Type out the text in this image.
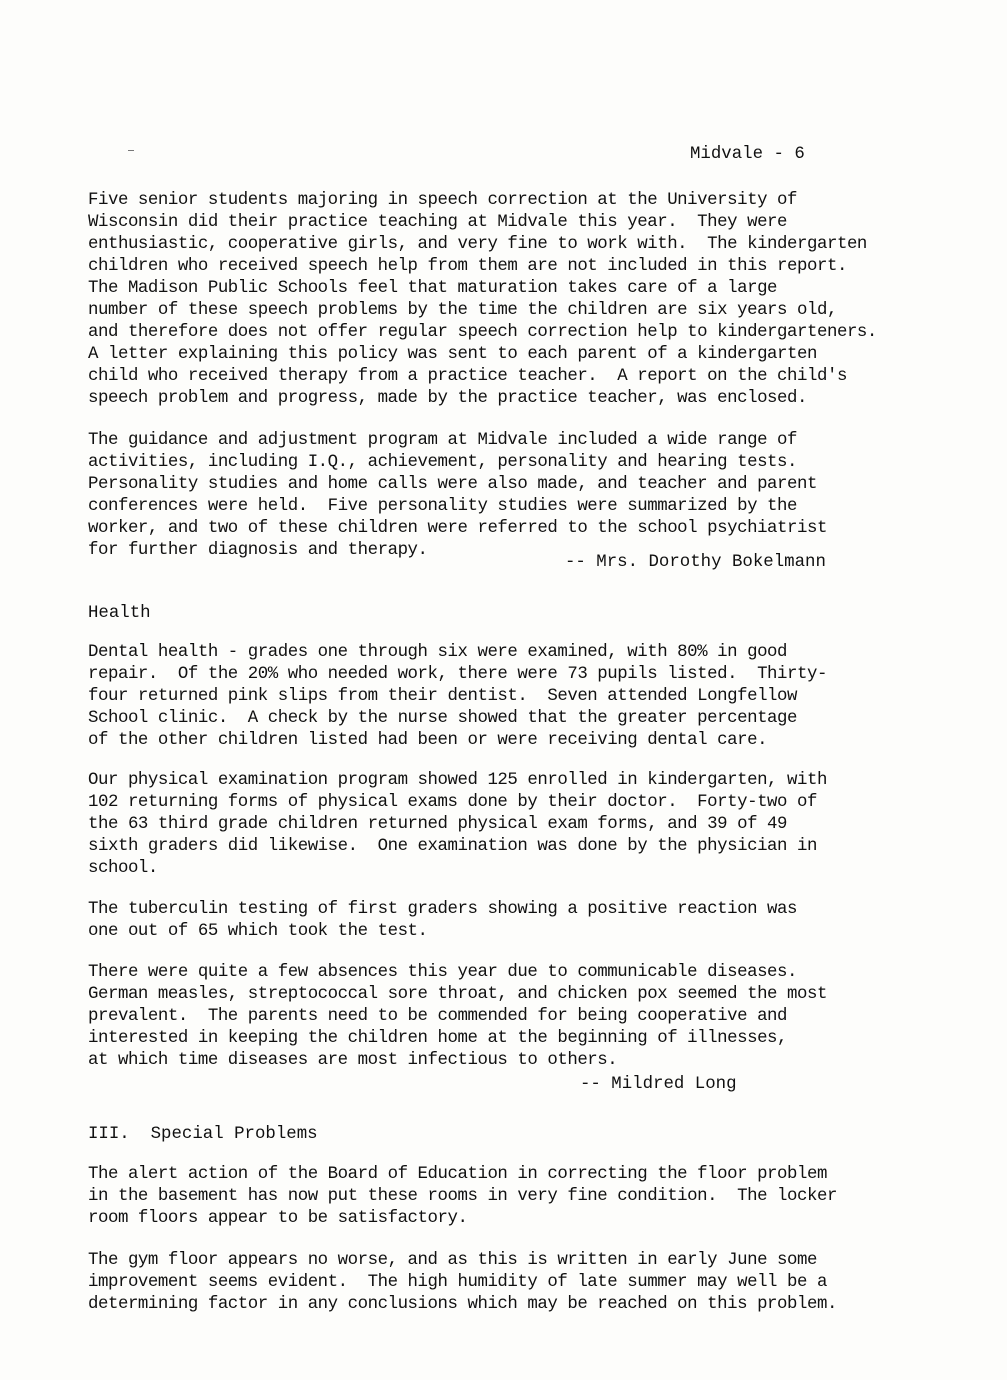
Midvale - 6
Five senior students majoring in speech correction at the University of
Wisconsin did their practice teaching at Midvale this year.  They were
enthusiastic, cooperative girls, and very fine to work with.  The kindergarten
children who received speech help from them are not included in this report.
The Madison Public Schools feel that maturation takes care of a large
number of these speech problems by the time the children are six years old,
and therefore does not offer regular speech correction help to kindergarteners.
A letter explaining this policy was sent to each parent of a kindergarten
child who received therapy from a practice teacher.  A report on the child's
speech problem and progress, made by the practice teacher, was enclosed.
The guidance and adjustment program at Midvale included a wide range of
activities, including I.Q., achievement, personality and hearing tests.
Personality studies and home calls were also made, and teacher and parent
conferences were held.  Five personality studies were summarized by the
worker, and two of these children were referred to the school psychiatrist
for further diagnosis and therapy.
-- Mrs. Dorothy Bokelmann
Health
Dental health - grades one through six were examined, with 80% in good
repair.  Of the 20% who needed work, there were 73 pupils listed.  Thirty-
four returned pink slips from their dentist.  Seven attended Longfellow
School clinic.  A check by the nurse showed that the greater percentage
of the other children listed had been or were receiving dental care.
Our physical examination program showed 125 enrolled in kindergarten, with
102 returning forms of physical exams done by their doctor.  Forty-two of
the 63 third grade children returned physical exam forms, and 39 of 49
sixth graders did likewise.  One examination was done by the physician in
school.
The tuberculin testing of first graders showing a positive reaction was
one out of 65 which took the test.
There were quite a few absences this year due to communicable diseases.
German measles, streptococcal sore throat, and chicken pox seemed the most
prevalent.  The parents need to be commended for being cooperative and
interested in keeping the children home at the beginning of illnesses,
at which time diseases are most infectious to others.
-- Mildred Long
III.  Special Problems
The alert action of the Board of Education in correcting the floor problem
in the basement has now put these rooms in very fine condition.  The locker
room floors appear to be satisfactory.
The gym floor appears no worse, and as this is written in early June some
improvement seems evident.  The high humidity of late summer may well be a
determining factor in any conclusions which may be reached on this problem.
